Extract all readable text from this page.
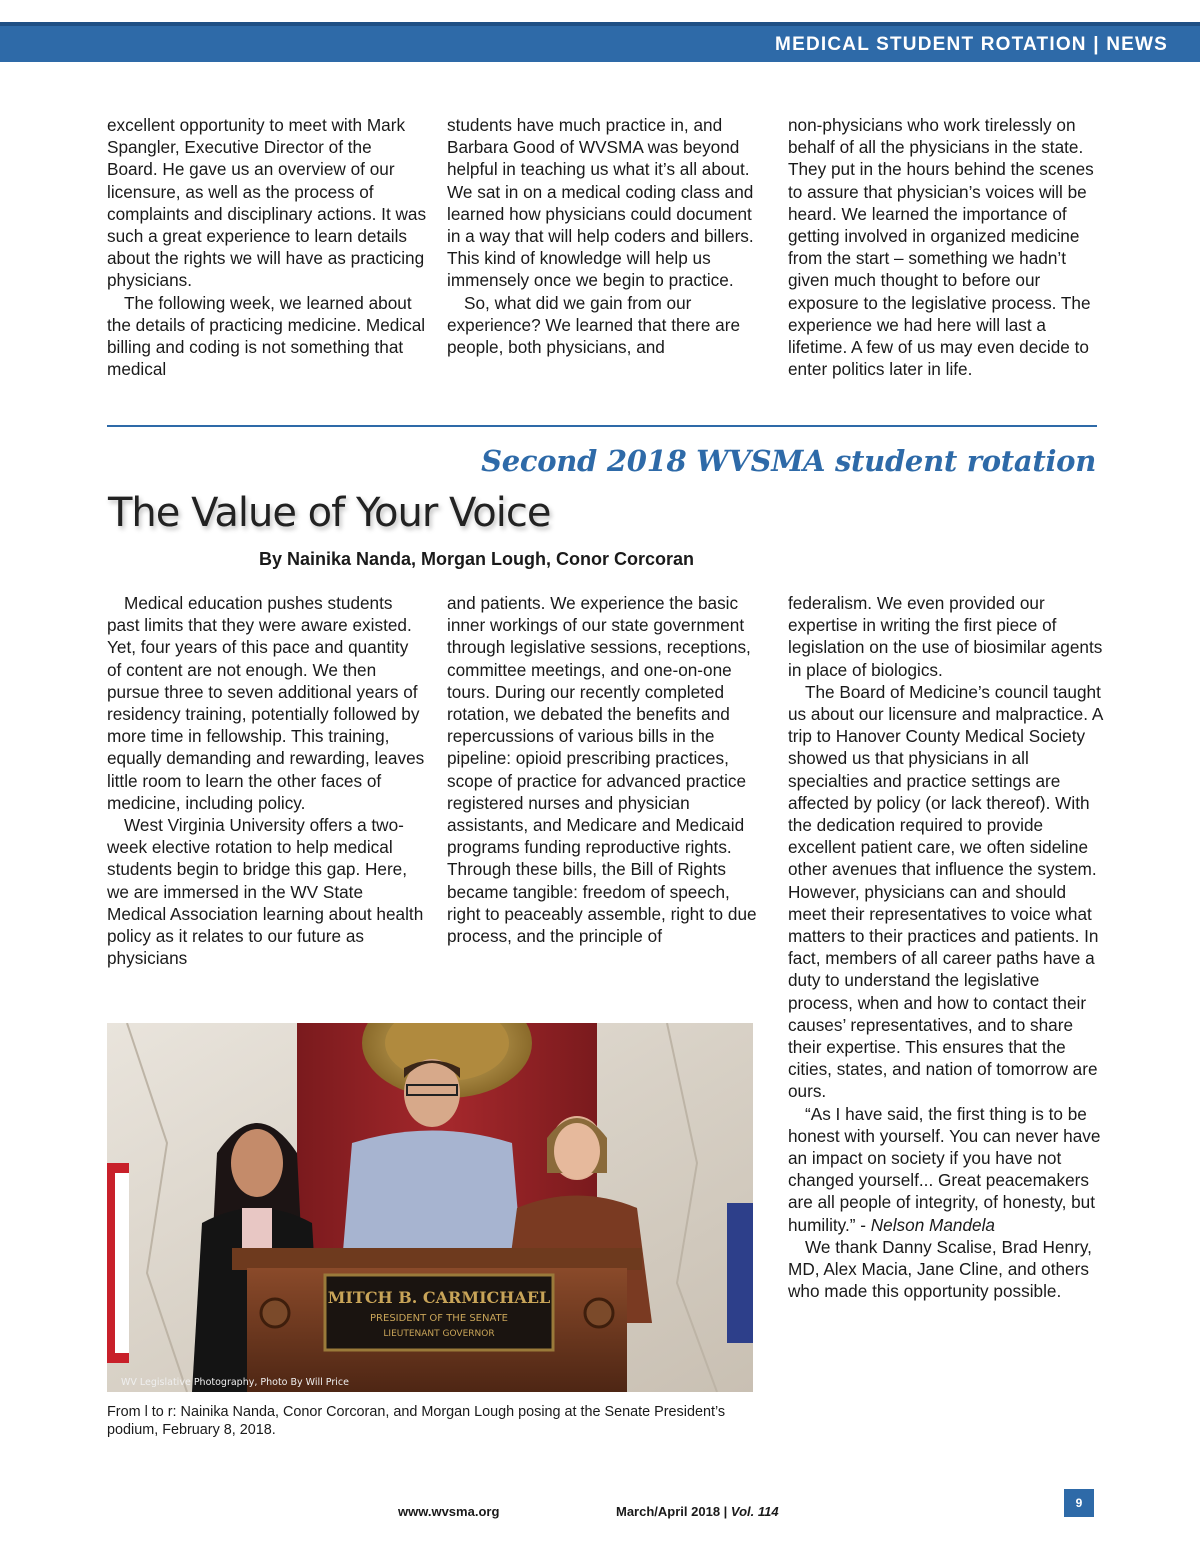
MEDICAL STUDENT ROTATION | NEWS

excellent opportunity to meet with Mark Spangler, Executive Director of the Board. He gave us an overview of our licensure, as well as the process of complaints and disciplinary actions. It was such a great experience to learn details about the rights we will have as practicing physicians.

The following week, we learned about the details of practicing medicine. Medical billing and coding is not something that medical

students have much practice in, and Barbara Good of WVSMA was beyond helpful in teaching us what it’s all about. We sat in on a medical coding class and learned how physicians could document in a way that will help coders and billers. This kind of knowledge will help us immensely once we begin to practice.

So, what did we gain from our experience? We learned that there are people, both physicians, and

non-physicians who work tirelessly on behalf of all the physicians in the state. They put in the hours behind the scenes to assure that physician’s voices will be heard. We learned the importance of getting involved in organized medicine from the start – something we hadn’t given much thought to before our exposure to the legislative process. The experience we had here will last a lifetime. A few of us may even decide to enter politics later in life.

Second 2018 WVSMA student rotation
The Value of Your Voice
By Nainika Nanda, Morgan Lough, Conor Corcoran

Medical education pushes students past limits that they were aware existed. Yet, four years of this pace and quantity of content are not enough. We then pursue three to seven additional years of residency training, potentially followed by more time in fellowship. This training, equally demanding and rewarding, leaves little room to learn the other faces of medicine, including policy.

West Virginia University offers a two-week elective rotation to help medical students begin to bridge this gap. Here, we are immersed in the WV State Medical Association learning about health policy as it relates to our future as physicians

and patients. We experience the basic inner workings of our state government through legislative sessions, receptions, committee meetings, and one-on-one tours. During our recently completed rotation, we debated the benefits and repercussions of various bills in the pipeline: opioid prescribing practices, scope of practice for advanced practice registered nurses and physician assistants, and Medicare and Medicaid programs funding reproductive rights. Through these bills, the Bill of Rights became tangible: freedom of speech, right to peaceably assemble, right to due process, and the principle of

federalism. We even provided our expertise in writing the first piece of legislation on the use of biosimilar agents in place of biologics.

The Board of Medicine’s council taught us about our licensure and malpractice. A trip to Hanover County Medical Society showed us that physicians in all specialties and practice settings are affected by policy (or lack thereof). With the dedication required to provide excellent patient care, we often sideline other avenues that influence the system. However, physicians can and should meet their representatives to voice what matters to their practices and patients. In fact, members of all career paths have a duty to understand the legislative process, when and how to contact their causes’ representatives, and to share their expertise. This ensures that the cities, states, and nation of tomorrow are ours.

“As I have said, the first thing is to be honest with yourself. You can never have an impact on society if you have not changed yourself... Great peacemakers are all people of integrity, of honesty, but humility.” - Nelson Mandela

We thank Danny Scalise, Brad Henry, MD, Alex Macia, Jane Cline, and others who made this opportunity possible.

MITCH B. CARMICHAEL
PRESIDENT OF THE SENATE
LIEUTENANT GOVERNOR
WV Legislative Photography, Photo By Will Price
From l to r: Nainika Nanda, Conor Corcoran, and Morgan Lough posing at the Senate President’s podium, February 8, 2018.
www.wvsma.org	March/April 2018 | Vol. 114
9
